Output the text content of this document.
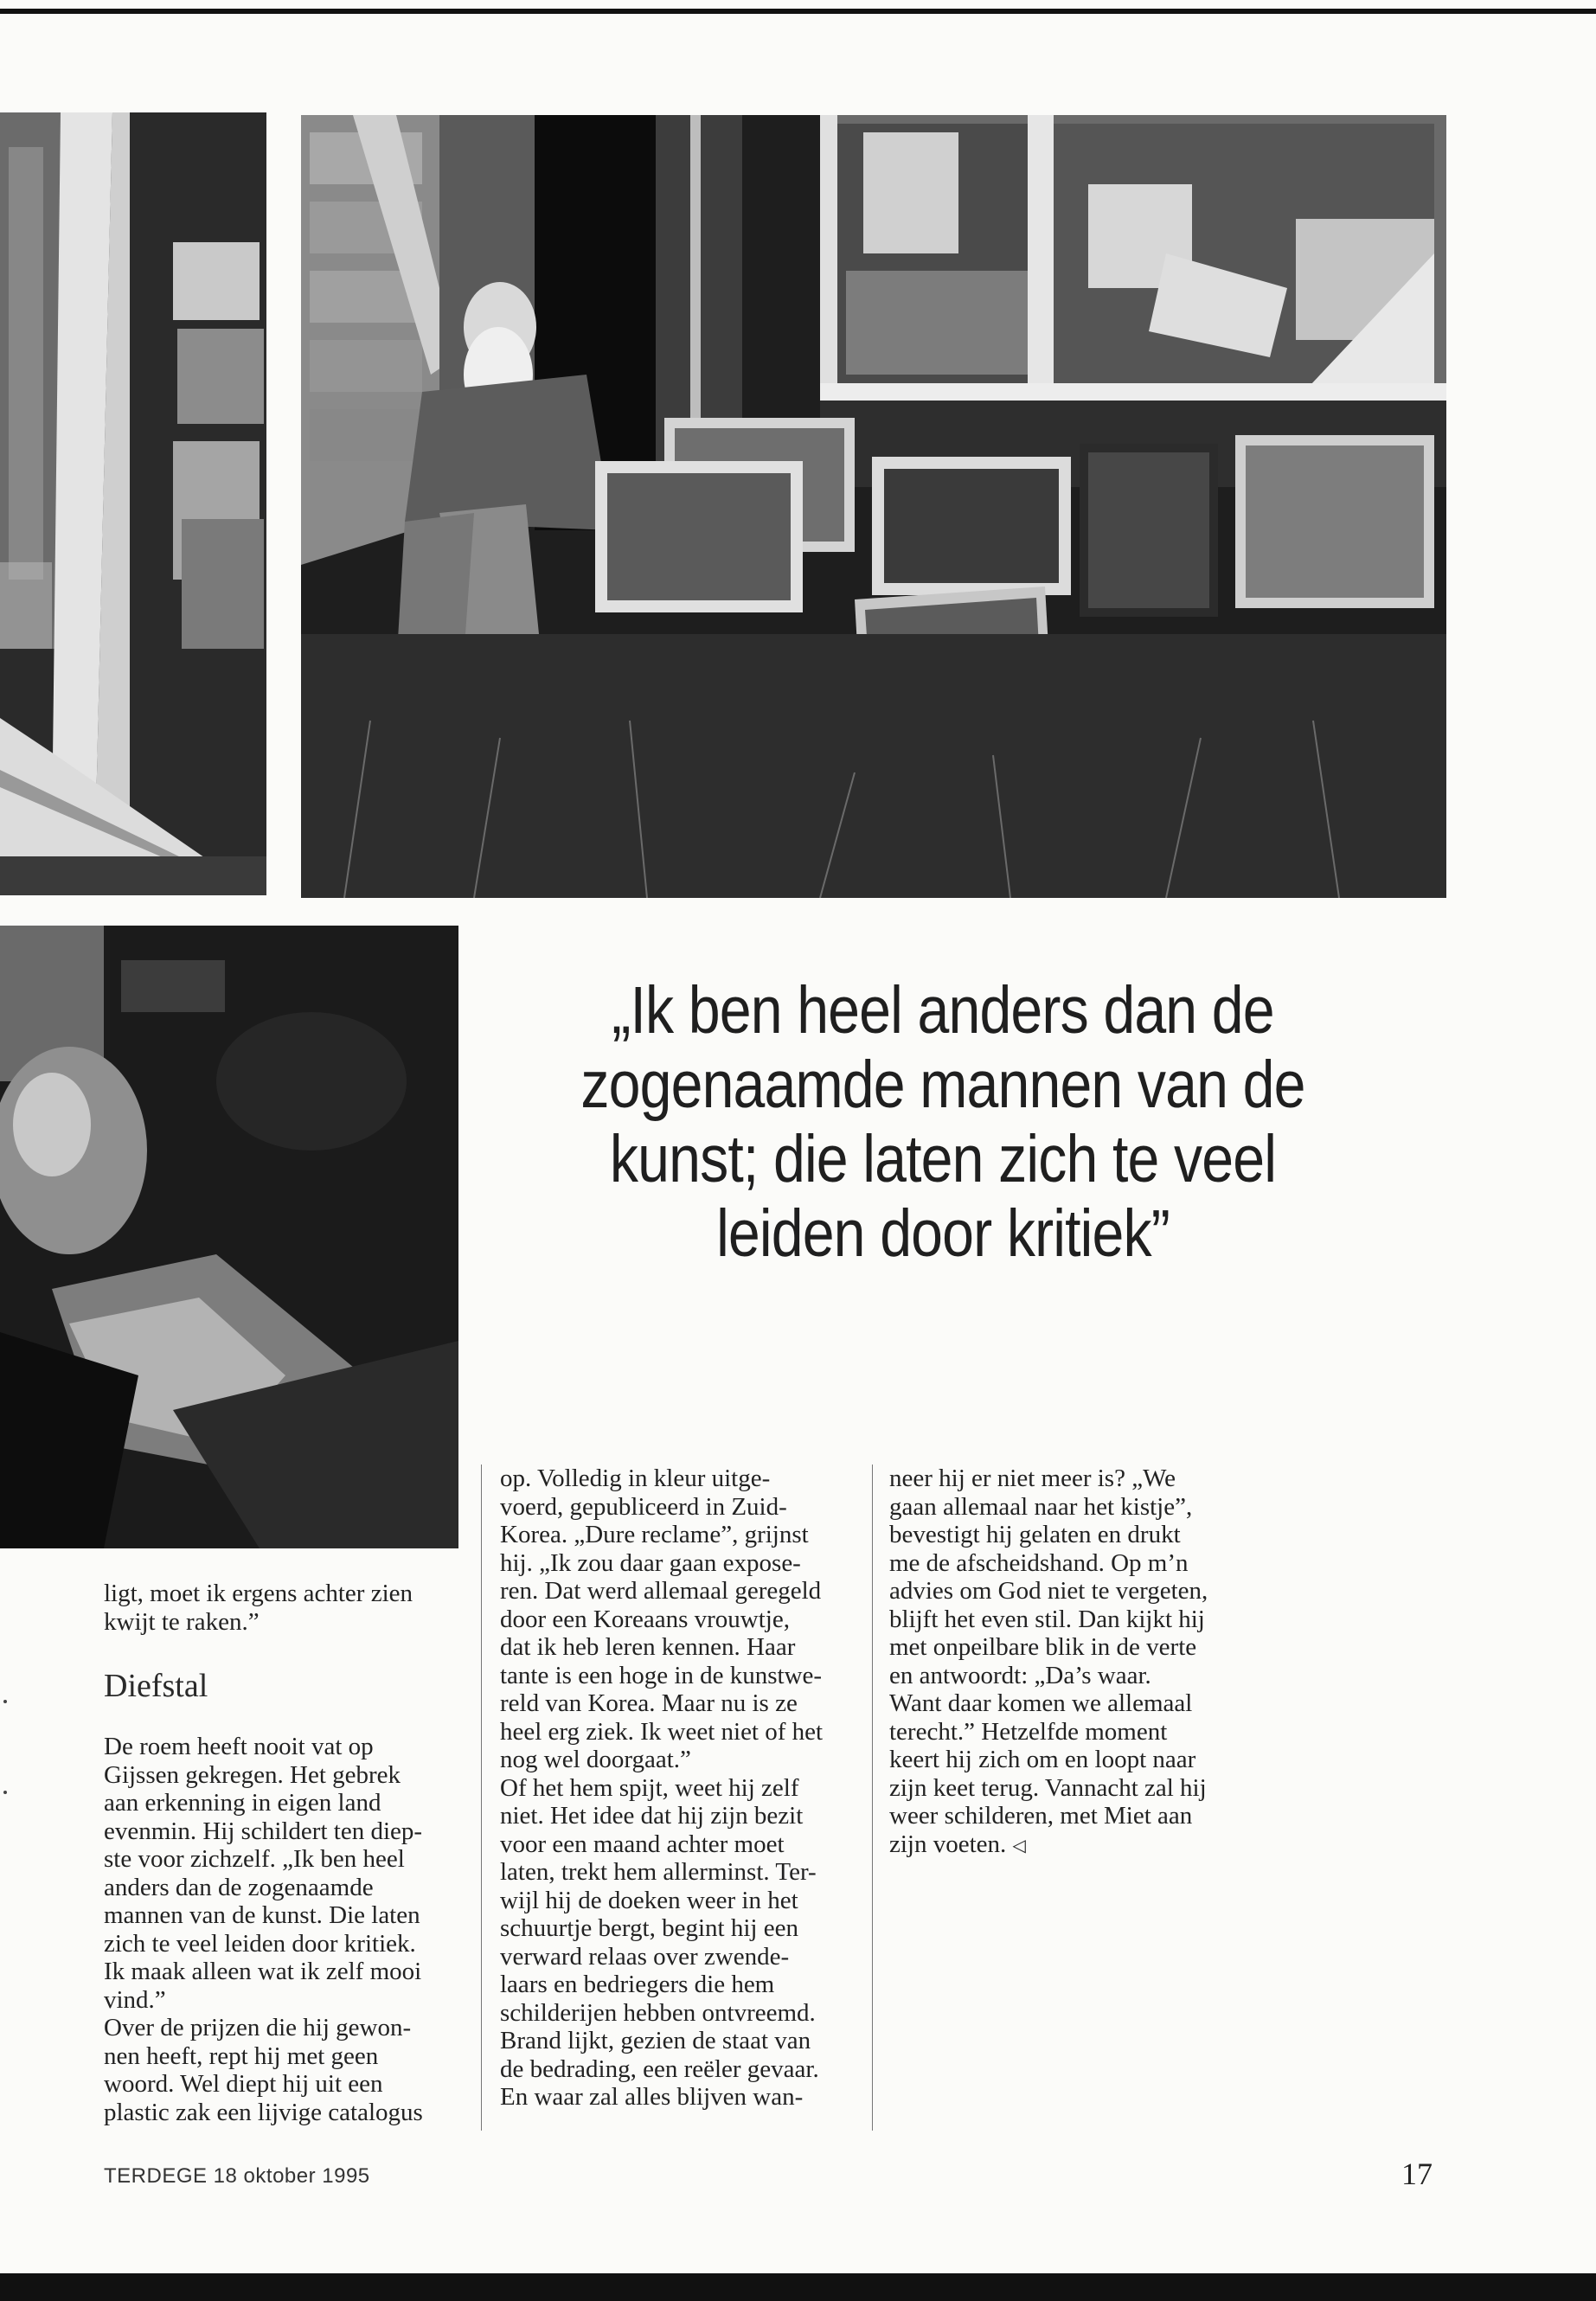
„Ik ben heel anders dan de
zogenaamde mannen van de
kunst; die laten zich te veel
leiden door kritiek”

ligt, moet ik ergens achter zien
kwijt te raken.”

Diefstal

De roem heeft nooit vat op
Gijssen gekregen. Het gebrek
aan erkenning in eigen land
evenmin. Hij schildert ten diep-
ste voor zichzelf. „Ik ben heel
anders dan de zogenaamde
mannen van de kunst. Die laten
zich te veel leiden door kritiek.
Ik maak alleen wat ik zelf mooi
vind.”
Over de prijzen die hij gewon-
nen heeft, rept hij met geen
woord. Wel diept hij uit een
plastic zak een lijvige catalogus

op. Volledig in kleur uitge-
voerd, gepubliceerd in Zuid-
Korea. „Dure reclame”, grijnst
hij. „Ik zou daar gaan expose-
ren. Dat werd allemaal geregeld
door een Koreaans vrouwtje,
dat ik heb leren kennen. Haar
tante is een hoge in de kunstwe-
reld van Korea. Maar nu is ze
heel erg ziek. Ik weet niet of het
nog wel doorgaat.”
Of het hem spijt, weet hij zelf
niet. Het idee dat hij zijn bezit
voor een maand achter moet
laten, trekt hem allerminst. Ter-
wijl hij de doeken weer in het
schuurtje bergt, begint hij een
verward relaas over zwende-
laars en bedriegers die hem
schilderijen hebben ontvreemd.
Brand lijkt, gezien de staat van
de bedrading, een reëler gevaar.
En waar zal alles blijven wan-

neer hij er niet meer is? „We
gaan allemaal naar het kistje”,
bevestigt hij gelaten en drukt
me de afscheidshand. Op m’n
advies om God niet te vergeten,
blijft het even stil. Dan kijkt hij
met onpeilbare blik in de verte
en antwoordt: „Da’s waar.
Want daar komen we allemaal
terecht.” Hetzelfde moment
keert hij zich om en loopt naar
zijn keet terug. Vannacht zal hij
weer schilderen, met Miet aan
zijn voeten. ◁

TERDEGE 18 oktober 1995	17
